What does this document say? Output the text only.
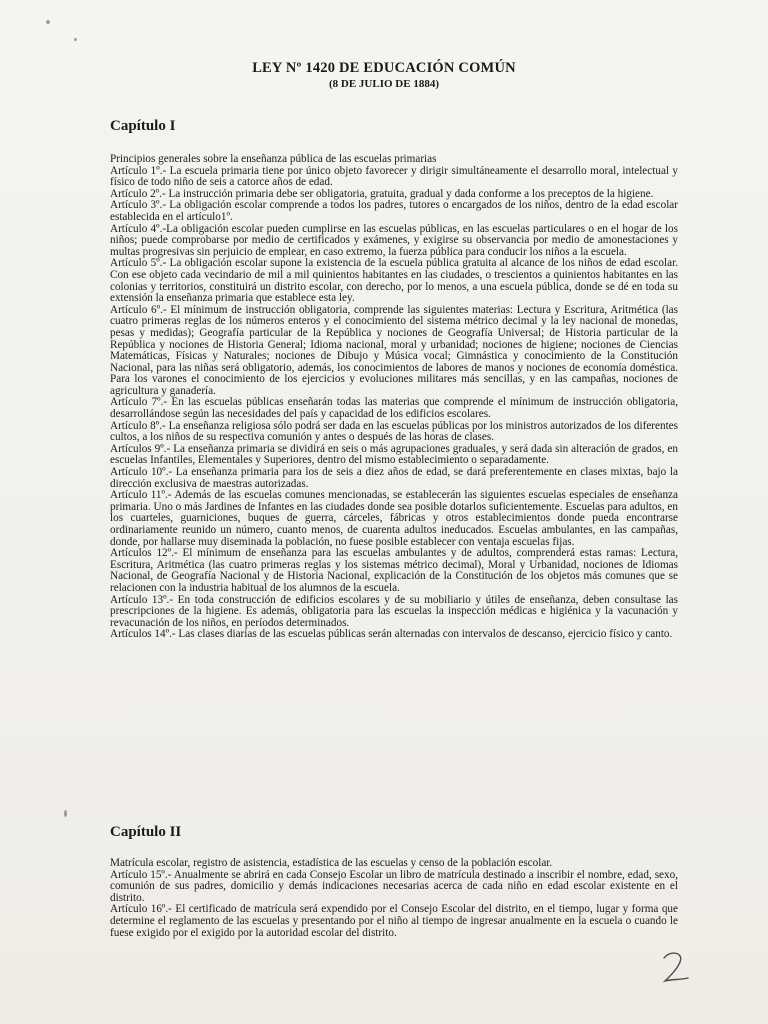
LEY Nº 1420 DE EDUCACIÓN COMÚN
(8 DE JULIO DE 1884)
Capítulo I

Principios generales sobre la enseñanza pública de las escuelas primarias

Artículo 1º.- La escuela primaria tiene por único objeto favorecer y dirigir simultáneamente el desarrollo moral, intelectual y físico de todo niño de seis a catorce años de edad.

Artículo 2º.- La instrucción primaria debe ser obligatoria, gratuita, gradual y dada conforme a los preceptos de la higiene.

Artículo 3º.- La obligación escolar comprende a todos los padres, tutores o encargados de los niños, dentro de la edad escolar establecida en el artículo1º.

Artículo 4º.-La obligación escolar pueden cumplirse en las escuelas públicas, en las escuelas particulares o en el hogar de los niños; puede comprobarse por medio de certificados y exámenes, y exigirse su observancia por medio de amonestaciones y multas progresivas sin perjuicio de emplear, en caso extremo, la fuerza pública para conducir los niños a la escuela.

Artículo 5º.- La obligación escolar supone la existencia de la escuela pública gratuita al alcance de los niños de edad escolar. Con ese objeto cada vecindario de mil a mil quinientos habitantes en las ciudades, o trescientos a quinientos habitantes en las colonias y territorios, constituirá un distrito escolar, con derecho, por lo menos, a una escuela pública, donde se dé en toda su extensión la enseñanza primaria que establece esta ley.

Artículo 6º.- El mínimum de instrucción obligatoria, comprende las siguientes materias: Lectura y Escritura, Aritmética (las cuatro primeras reglas de los números enteros y el conocimiento del sistema métrico decimal y la ley nacional de monedas, pesas y medidas); Geografía particular de la República y nociones de Geografía Universal; de Historia particular de la República y nociones de Historia General; Idioma nacional, moral y urbanidad; nociones de higiene; nociones de Ciencias Matemáticas, Físicas y Naturales; nociones de Dibujo y Música vocal; Gimnástica y conocimiento de la Constitución Nacional, para las niñas será obligatorio, además, los conocimientos de labores de manos y nociones de economía doméstica. Para los varones el conocimiento de los ejercicios y evoluciones militares más sencillas, y en las campañas, nociones de agricultura y ganadería.

Artículo 7º.- En las escuelas públicas enseñarán todas las materias que comprende el mínimum de instrucción obligatoria, desarrollándose según las necesidades del país y capacidad de los edificios escolares.

Artículo 8º.- La enseñanza religiosa sólo podrá ser dada en las escuelas públicas por los ministros autorizados de los diferentes cultos, a los niños de su respectiva comunión y antes o después de las horas de clases.

Artículos 9º.- La enseñanza primaria se dividirá en seis o más agrupaciones graduales, y será dada sin alteración de grados, en escuelas Infantiles, Elementales y Superiores, dentro del mismo establecimiento o separadamente.

Artículo 10º.- La enseñanza primaria para los de seis a diez años de edad, se dará preferentemente en clases mixtas, bajo la dirección exclusiva de maestras autorizadas.

Artículo 11º.- Además de las escuelas comunes mencionadas, se establecerán las siguientes escuelas especiales de enseñanza primaria. Uno o más Jardines de Infantes en las ciudades donde sea posible dotarlos suficientemente. Escuelas para adultos, en los cuarteles, guarniciones, buques de guerra, cárceles, fábricas y otros establecimientos donde pueda encontrarse ordinariamente reunido un número, cuanto menos, de cuarenta adultos ineducados. Escuelas ambulantes, en las campañas, donde, por hallarse muy diseminada la población, no fuese posible establecer con ventaja escuelas fijas.

Artículos 12º.- El mínimum de enseñanza para las escuelas ambulantes y de adultos, comprenderá estas ramas: Lectura, Escritura, Aritmética (las cuatro primeras reglas y los sistemas métrico decimal), Moral y Urbanidad, nociones de Idiomas Nacional, de Geografía Nacional y de Historia Nacional, explicación de la Constitución de los objetos más comunes que se relacionen con la industria habitual de los alumnos de la escuela.

Artículo 13º.- En toda construcción de edificios escolares y de su mobiliario y útiles de enseñanza, deben consultase las prescripciones de la higiene. Es además, obligatoria para las escuelas la inspección médicas e higiénica y la vacunación y revacunación de los niños, en períodos determinados.

Artículos 14º.- Las clases diarias de las escuelas públicas serán alternadas con intervalos de descanso, ejercicio físico y canto.

Capítulo II

Matrícula escolar, registro de asistencia, estadística de las escuelas y censo de la población escolar.

Artículo 15º.- Anualmente se abrirá en cada Consejo Escolar un libro de matrícula destinado a inscribir el nombre, edad, sexo, comunión de sus padres, domicilio y demás indicaciones necesarias acerca de cada niño en edad escolar existente en el distrito.

Artículo 16º.- El certificado de matrícula será expendido por el Consejo Escolar del distrito, en el tiempo, lugar y forma que determine el reglamento de las escuelas y presentando por el niño al tiempo de ingresar anualmente en la escuela o cuando le fuese exigido por el exigido por la autoridad escolar del distrito.
